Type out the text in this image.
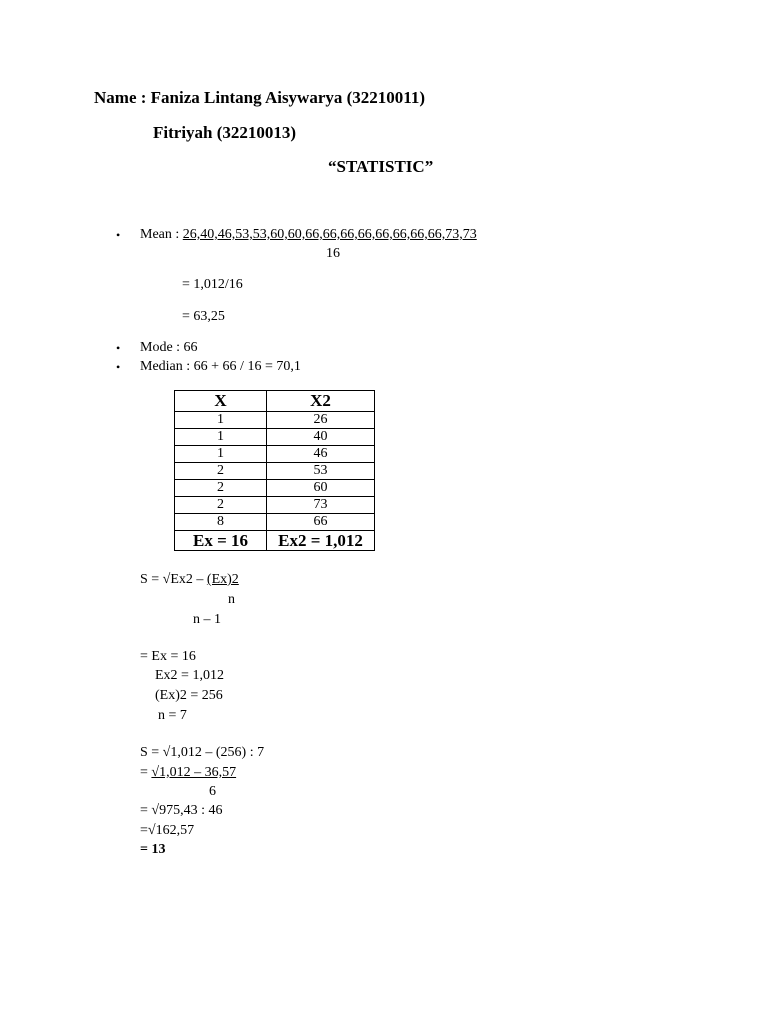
Name : Faniza Lintang Aisywarya (32210011)
Fitriyah (32210013)
“STATISTIC”
• Mean : 26,40,46,53,53,60,60,66,66,66,66,66,66,66,66,73,73
16
= 1,012/16
= 63,25
• Mode : 66
• Median : 66 + 66 / 16 = 70,1
X	X2
1	26
1	40
1	46
2	53
2	60
2	73
8	66
Ex = 16	Ex2 = 1,012
S = √Ex2 – (Ex)2
n
n – 1
= Ex = 16
Ex2 = 1,012
(Ex)2 = 256
n = 7
S = √1,012 – (256) : 7
= √1,012 – 36,57
6
= √975,43 : 46
=√162,57
= 13
